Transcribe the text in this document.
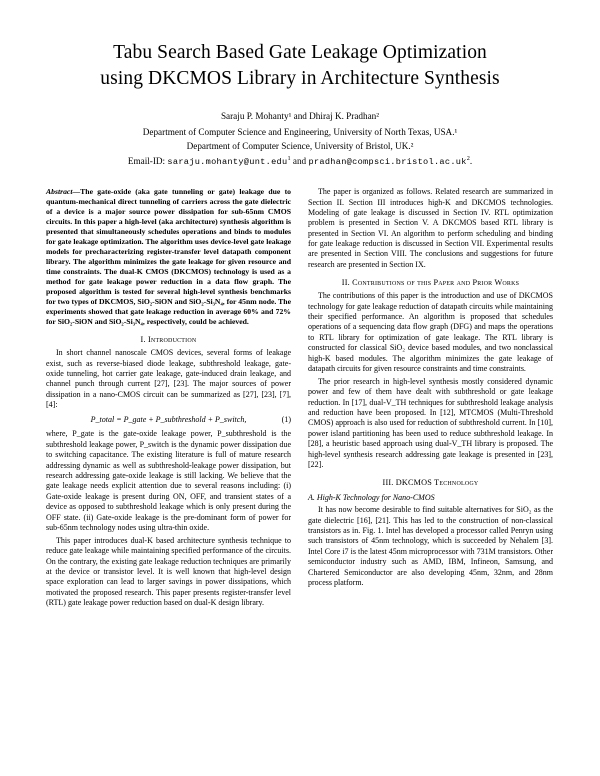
Tabu Search Based Gate Leakage Optimization
using DKCMOS Library in Architecture Synthesis
Saraju P. Mohanty¹ and Dhiraj K. Pradhan²
Department of Computer Science and Engineering, University of North Texas, USA.¹
Department of Computer Science, University of Bristol, UK.²
Email-ID: saraju.mohanty@unt.edu$^1$ and $pradhan@compsci.bristol.ac.uk^2$.

Abstract—The gate-oxide (aka gate tunneling or gate) leakage due to quantum-mechanical direct tunneling of carriers across the gate dielectric of a device is a major source power dissipation for sub-65nm CMOS circuits. In this paper a high-level (aka architecture) synthesis algorithm is presented that simultaneously schedules operations and binds to modules for gate leakage optimization. The algorithm uses device-level gate leakage models for precharacterizing register-transfer level datapath component library. The algorithm minimizes the gate leakage for given resource and time constraints. The dual-K CMOS (DKCMOS) technology is used as a method for gate leakage power reduction in a data flow graph. The proposed algorithm is tested for several high-level synthesis benchmarks for two types of DKCMOS, SiO₂-SiON and SiO₂-Si₃N₄, for 45nm node. The experiments showed that gate leakage reduction in average 60% and 72% for SiO₂-SiON and SiO₂-Si₃N₄, respectively, could be achieved.

I. Introduction

In short channel nanoscale CMOS devices, several forms of leakage exist, such as reverse-biased diode leakage, subthreshold leakage, gate-oxide tunneling, hot carrier gate leakage, gate-induced drain leakage, and channel punch through current [27], [23]. The major sources of power dissipation in a nano-CMOS circuit can be summarized as [27], [23], [7], [4]:

P_total = P_gate + P_subthreshold + P_switch,	(1)

where, P_gate is the gate-oxide leakage power, P_subthreshold is the subthreshold leakage power, P_switch is the dynamic power dissipation due to switching capacitance. The existing literature is full of mature research addressing dynamic as well as subthreshold-leakage power dissipation, but research addressing gate-oxide leakage is still lacking. We believe that the gate leakage needs explicit attention due to several reasons including: (i) Gate-oxide leakage is present during ON, OFF, and transient states of a device as opposed to subthreshold leakage which is only present during the OFF state. (ii) Gate-oxide leakage is the pre-dominant form of power for sub-65nm technology nodes using ultra-thin oxide.

This paper introduces dual-K based architecture synthesis technique to reduce gate leakage while maintaining specified performance of the circuits. On the contrary, the existing gate leakage reduction techniques are primarily at the device or transistor level. It is well known that high-level design space exploration can lead to larger savings in power dissipations, which motivated the proposed research. This paper presents register-transfer level (RTL) gate leakage power reduction based on dual-K design library.

The paper is organized as follows. Related research are summarized in Section II. Section III introduces high-K and DKCMOS technologies. Modeling of gate leakage is discussed in Section IV. RTL optimization problem is presented in Section V. A DKCMOS based RTL library is presented in Section VI. An algorithm to perform scheduling and binding for gate leakage reduction is discussed in Section VII. Experimental results are presented in Section VIII. The conclusions and suggestions for future research are presented in Section IX.

II. Contributions of this Paper and Prior Works

The contributions of this paper is the introduction and use of DKCMOS technology for gate leakage reduction of datapath circuits while maintaining their specified performance. An algorithm is proposed that schedules operations of a sequencing data flow graph (DFG) and maps the operations to RTL library for optimization of gate leakage. The RTL library is constructed for classical SiO₂ device based modules, and two nonclassical high-K based modules. The algorithm minimizes the gate leakage of datapath circuits for given resource constraints and time constraints.

The prior research in high-level synthesis mostly considered dynamic power and few of them have dealt with subthreshold or gate leakage reduction. In [17], dual-V_TH techniques for subthreshold leakage analysis and reduction have been proposed. In [12], MTCMOS (Multi-Threshold CMOS) approach is also used for reduction of subthreshold current. In [10], power island partitioning has been used to reduce subthreshold leakage. In [28], a heuristic based approach using dual-V_TH library is proposed. The high-level synthesis research addressing gate leakage is presented in [23], [22].

III. DKCMOS Technology
A. High-K Technology for Nano-CMOS

It has now become desirable to find suitable alternatives for SiO₂ as the gate dielectric [16], [21]. This has led to the construction of non-classical transistors as in. Fig. 1. Intel has developed a processor called Penryn using such transistors of 45nm technology, which is succeeded by Nehalem [3]. Intel Core i7 is the latest 45nm microprocessor with 731M transistors. Other semiconductor industry such as AMD, IBM, Infineon, Samsung, and Chartered Semiconductor are also developing 45nm, 32nm, and 28nm process platform.
